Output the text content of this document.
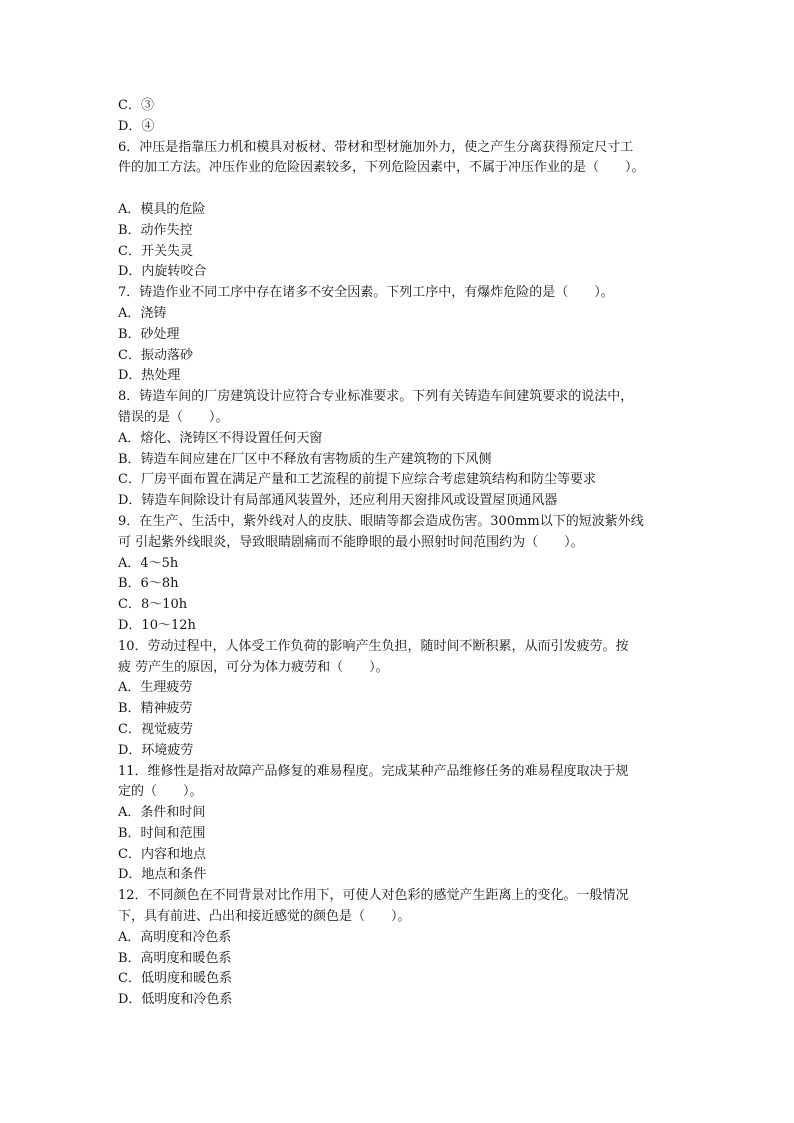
C．③
D．④
6．冲压是指靠压力机和模具对板材、带材和型材施加外力，使之产生分离获得预定尺寸工
件的加工方法。冲压作业的危险因素较多，下列危险因素中，不属于冲压作业的是（　　）。
A．模具的危险
B．动作失控
C．开关失灵
D．内旋转咬合
7．铸造作业不同工序中存在诸多不安全因素。下列工序中，有爆炸危险的是（　　）。
A．浇铸
B．砂处理
C．振动落砂
D．热处理
8．铸造车间的厂房建筑设计应符合专业标准要求。下列有关铸造车间建筑要求的说法中，
错误的是（　　）。
A．熔化、浇铸区不得设置任何天窗
B．铸造车间应建在厂区中不释放有害物质的生产建筑物的下风侧
C．厂房平面布置在满足产量和工艺流程的前提下应综合考虑建筑结构和防尘等要求
D．铸造车间除设计有局部通风装置外，还应利用天窗排风或设置屋顶通风器
9．在生产、生活中，紫外线对人的皮肤、眼睛等都会造成伤害。300mm以下的短波紫外线
可 引起紫外线眼炎，导致眼睛剧痛而不能睁眼的最小照射时间范围约为（　　）。
A．4～5h
B．6～8h
C．8～10h
D．10～12h
10．劳动过程中，人体受工作负荷的影响产生负担，随时间不断积累，从而引发疲劳。按
疲 劳产生的原因，可分为体力疲劳和（　　）。
A．生理疲劳
B．精神疲劳
C．视觉疲劳
D．环境疲劳
11．维修性是指对故障产品修复的难易程度。完成某种产品维修任务的难易程度取决于规
定的（　　）。
A．条件和时间
B．时间和范围
C．内容和地点
D．地点和条件
12．不同颜色在不同背景对比作用下，可使人对色彩的感觉产生距离上的变化。一般情况
下，具有前进、凸出和接近感觉的颜色是（　　）。
A．高明度和冷色系
B．高明度和暖色系
C．低明度和暖色系
D．低明度和冷色系
